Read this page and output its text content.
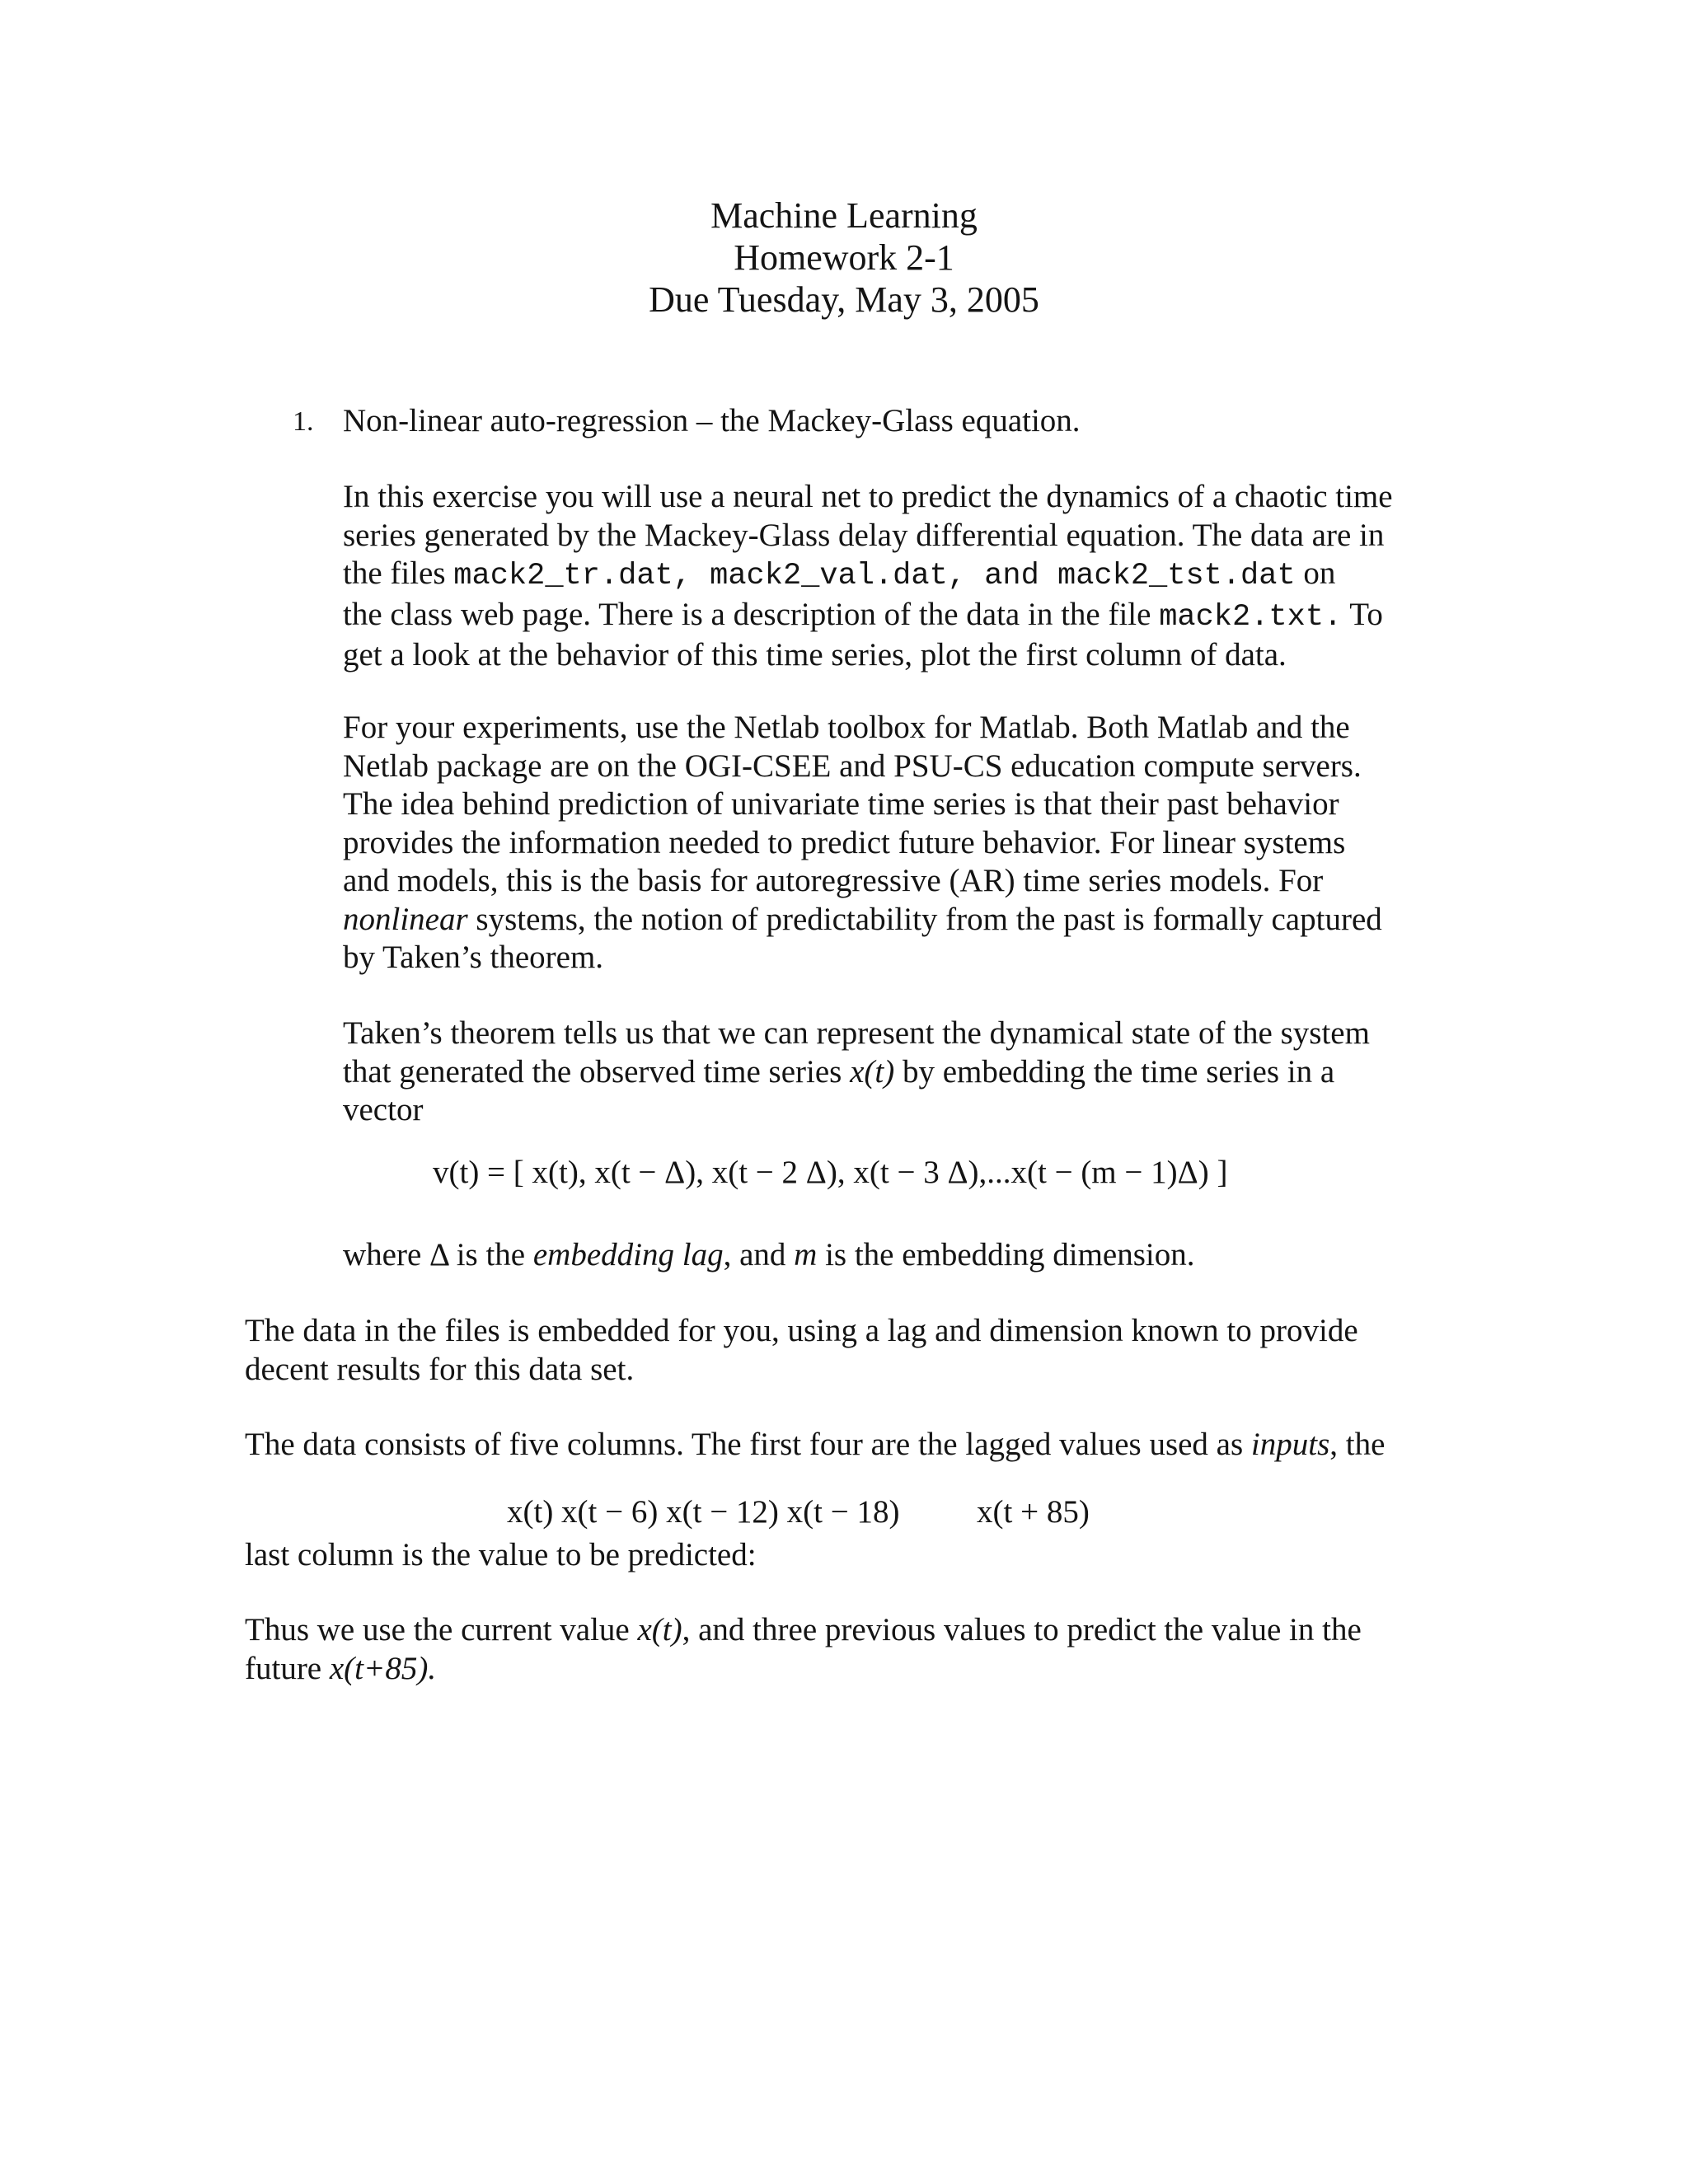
Machine Learning
Homework 2-1
Due Tuesday, May 3, 2005
1. Non-linear auto-regression – the Mackey-Glass equation.
In this exercise you will use a neural net to predict the dynamics of a chaotic time
series generated by the Mackey-Glass delay differential equation. The data are in
the files mack2_tr.dat, mack2_val.dat, and mack2_tst.dat on
the class web page. There is a description of the data in the file mack2.txt. To
get a look at the behavior of this time series, plot the first column of data.
For your experiments, use the Netlab toolbox for Matlab. Both Matlab and the
Netlab package are on the OGI-CSEE and PSU-CS education compute servers.
The idea behind prediction of univariate time series is that their past behavior
provides the information needed to predict future behavior. For linear systems
and models, this is the basis for autoregressive (AR) time series models. For
nonlinear systems, the notion of predictability from the past is formally captured
by Taken’s theorem.
Taken’s theorem tells us that we can represent the dynamical state of the system
that generated the observed time series x(t) by embedding the time series in a
vector
v(t) = [ x(t), x(t − Δ), x(t − 2 Δ), x(t − 3 Δ),...x(t − (m − 1)Δ) ]
where Δ is the embedding lag, and m is the embedding dimension.
The data in the files is embedded for you, using a lag and dimension known to provide
decent results for this data set.
The data consists of five columns. The first four are the lagged values used as inputs, the
x(t) x(t − 6) x(t − 12) x(t − 18) x(t + 85)
last column is the value to be predicted:
Thus we use the current value x(t), and three previous values to predict the value in the
future x(t+85).
